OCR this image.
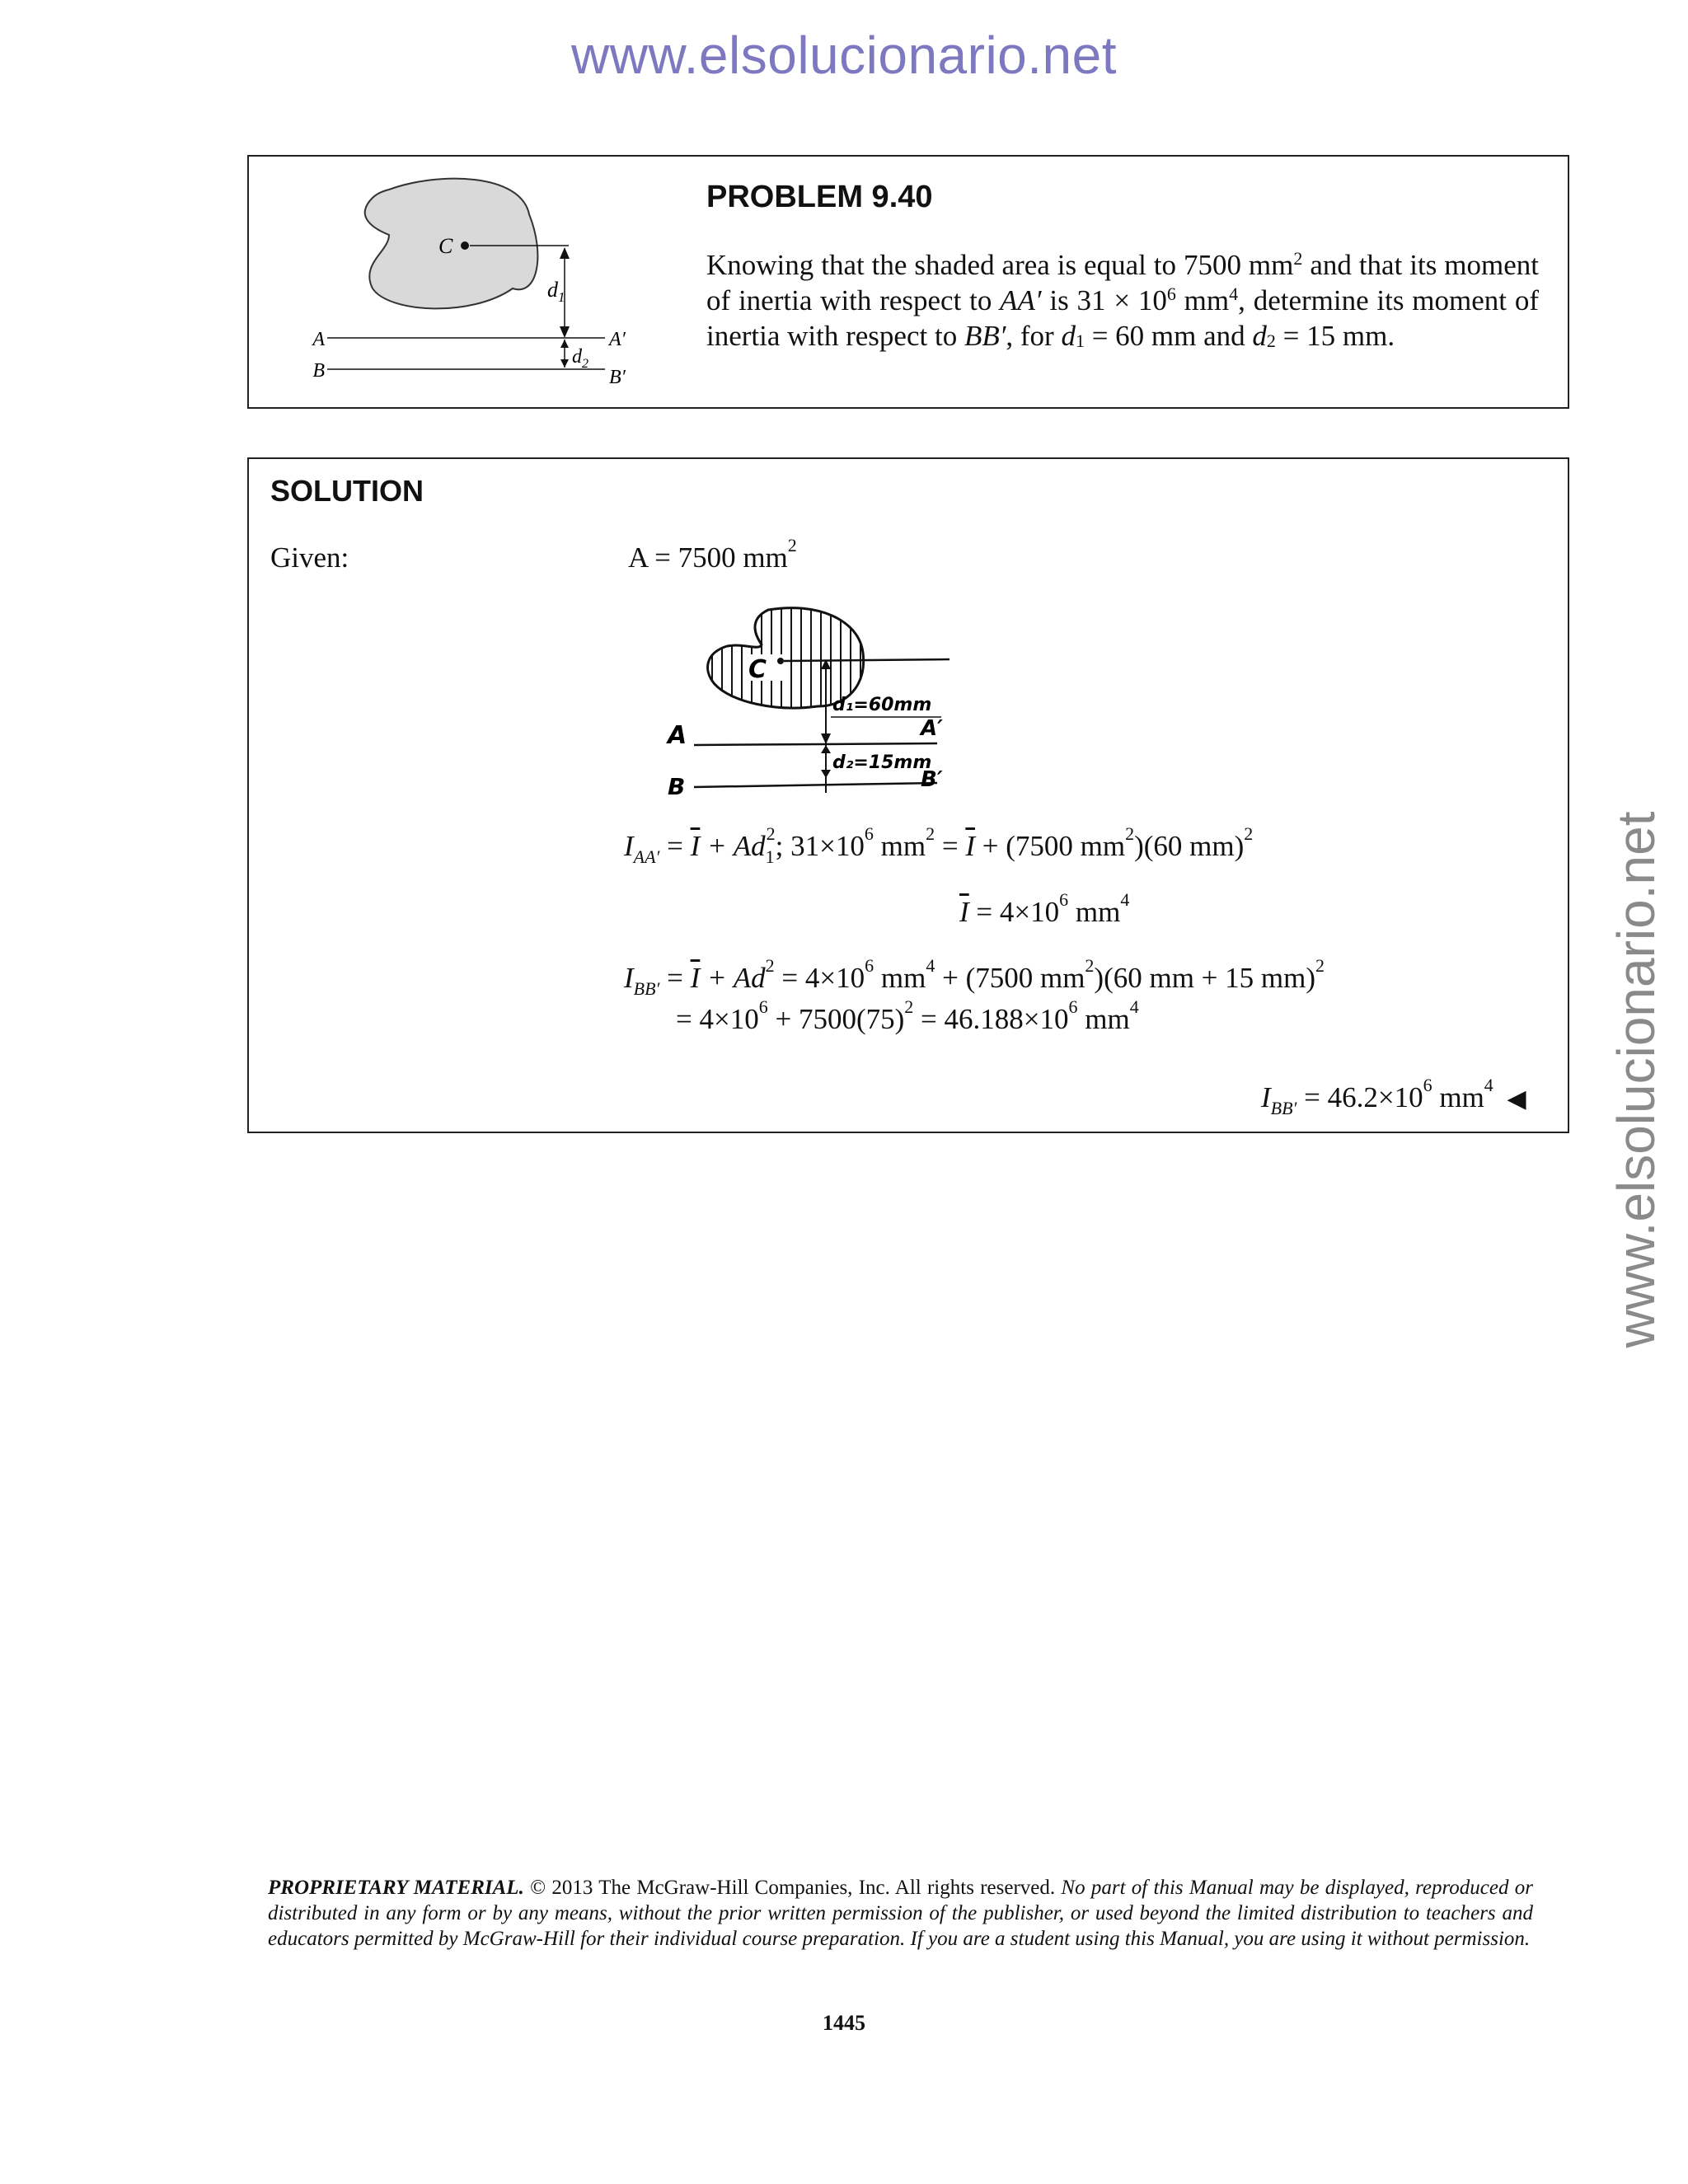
www.elsolucionario.net
www.elsolucionario.net
C
$d_1$
A	A′
$d_2$
B	B′
PROBLEM 9.40
Knowing that the shaded area is equal to 7500 $mm^2$ and that its moment of inertia with respect to AA′ is $31 \times 10^6$ $mm^4$, determine its moment of inertia with respect to BB′, for $d_1 = 60$ mm and $d_2 = 15$ mm.
SOLUTION
Given:	A = 7500 $mm^2$
C
d₁=60mm
A	A′
d₂=15mm
B	B′
$I_{AA'} = \overline{I} + Ad_1^2$; $31\times 10^6$ $mm^2 = \overline{I} + (7500$ $mm^2)(60$ mm)$^2$
$\overline{I} = 4\times 10^6$ $mm^4$
$I_{BB'} = \overline{I} + Ad^2 = 4\times 10^6$ $mm^4 + (7500$ $mm^2)(60$ mm + 15 mm)$^2$
= $4\times 10^6 + 7500(75)^2 = 46.188\times 10^6$ $mm^4$
$I_{BB'} = 46.2\times 10^6$ $mm^4$ ◀
PROPRIETARY MATERIAL. © 2013 The McGraw-Hill Companies, Inc. All rights reserved. No part of this Manual may be displayed, reproduced or distributed in any form or by any means, without the prior written permission of the publisher, or used beyond the limited distribution to teachers and educators permitted by McGraw-Hill for their individual course preparation. If you are a student using this Manual, you are using it without permission.
1445
